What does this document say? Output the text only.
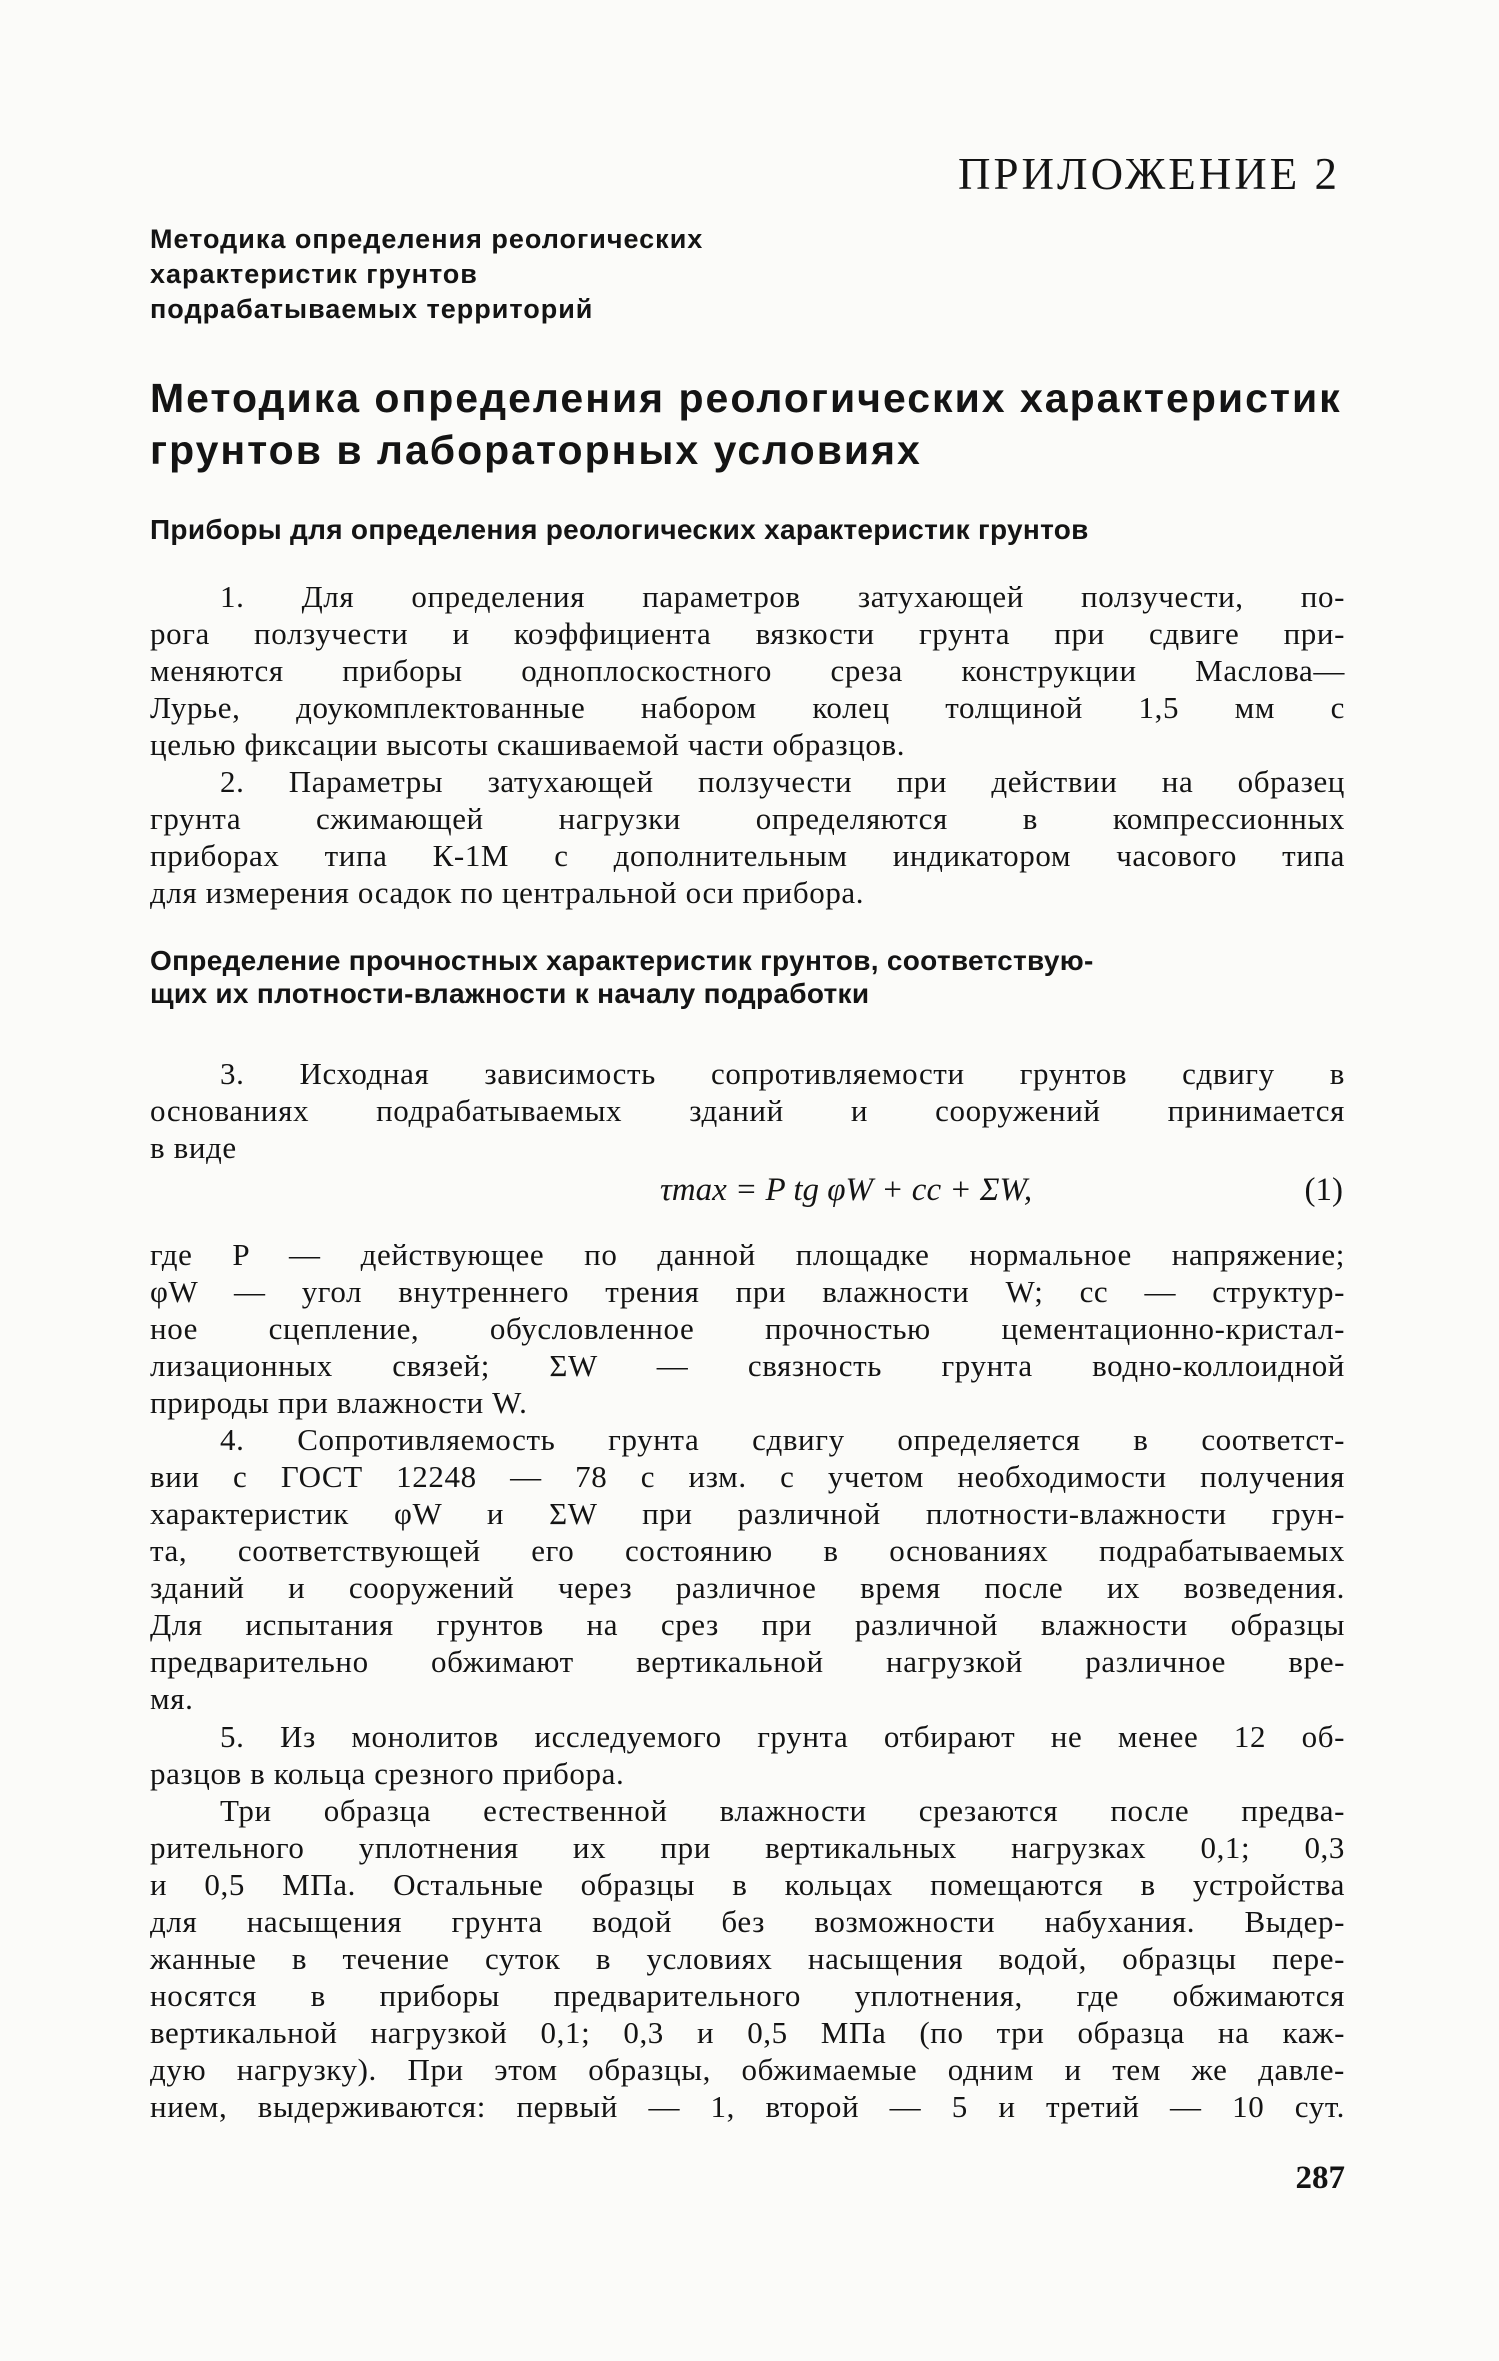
ПРИЛОЖЕНИЕ 2
Методика определения реологических
характеристик грунтов
подрабатываемых территорий
Методика определения реологических характеристик
грунтов в лабораторных условиях
Приборы для определения реологических характеристик грунтов
1. Для определения параметров затухающей ползучести, по-
рога ползучести и коэффициента вязкости грунта при сдвиге при-
меняются приборы одноплоскостного среза конструкции Маслова—
Лурье, доукомплектованные набором колец толщиной 1,5 мм с
целью фиксации высоты скашиваемой части образцов.
2. Параметры затухающей ползучести при действии на образец
грунта сжимающей нагрузки определяются в компрессионных
приборах типа К-1М с дополнительным индикатором часового типа
для измерения осадок по центральной оси прибора.
Определение прочностных характеристик грунтов, соответствую-
щих их плотности-влажности к началу подработки
3. Исходная зависимость сопротивляемости грунтов сдвигу в
основаниях подрабатываемых зданий и сооружений принимается
в виде
τmax = P tg φW + cc + ΣW,	(1)
где P — действующее по данной площадке нормальное напряжение;
φW — угол внутреннего трения при влажности W; cc — структур-
ное сцепление, обусловленное прочностью цементационно-кристал-
лизационных связей; ΣW — связность грунта водно-коллоидной
природы при влажности W.
4. Сопротивляемость грунта сдвигу определяется в соответст-
вии с ГОСТ 12248 — 78 с изм. с учетом необходимости получения
характеристик φW и ΣW при различной плотности-влажности грун-
та, соответствующей его состоянию в основаниях подрабатываемых
зданий и сооружений через различное время после их возведения.
Для испытания грунтов на срез при различной влажности образцы
предварительно обжимают вертикальной нагрузкой различное вре-
мя.
5. Из монолитов исследуемого грунта отбирают не менее 12 об-
разцов в кольца срезного прибора.
Три образца естественной влажности срезаются после предва-
рительного уплотнения их при вертикальных нагрузках 0,1; 0,3
и 0,5 МПа. Остальные образцы в кольцах помещаются в устройства
для насыщения грунта водой без возможности набухания. Выдер-
жанные в течение суток в условиях насыщения водой, образцы пере-
носятся в приборы предварительного уплотнения, где обжимаются
вертикальной нагрузкой 0,1; 0,3 и 0,5 МПа (по три образца на каж-
дую нагрузку). При этом образцы, обжимаемые одним и тем же давле-
нием, выдерживаются: первый — 1, второй — 5 и третий — 10 сут.
287
